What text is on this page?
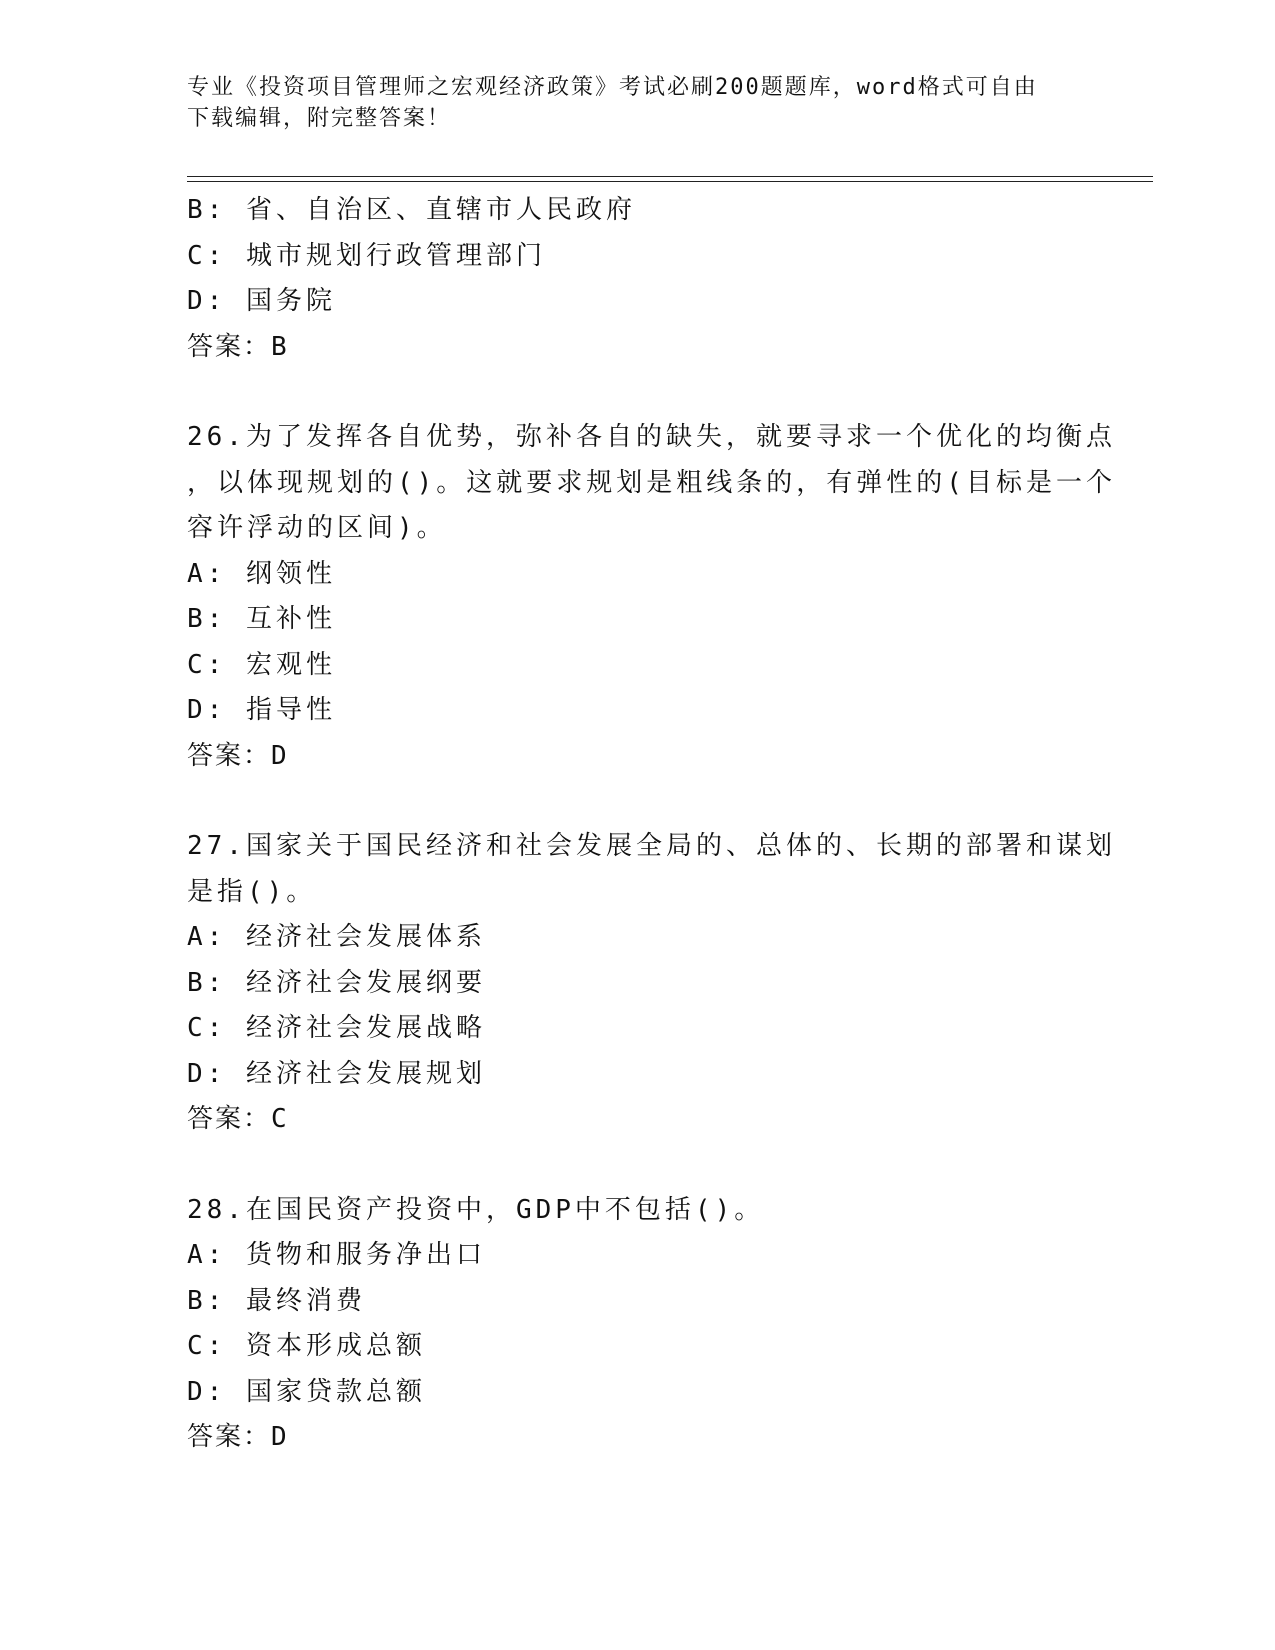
专业《投资项目管理师之宏观经济政策》考试必刷200题题库，word格式可自由
下载编辑，附完整答案！
B: 省、自治区、直辖市人民政府
C: 城市规划行政管理部门
D: 国务院
答案：B
26.为了发挥各自优势，弥补各自的缺失，就要寻求一个优化的均衡点
，以体现规划的()。这就要求规划是粗线条的，有弹性的(目标是一个
容许浮动的区间)。
A: 纲领性
B: 互补性
C: 宏观性
D: 指导性
答案：D
27.国家关于国民经济和社会发展全局的、总体的、长期的部署和谋划
是指()。
A: 经济社会发展体系
B: 经济社会发展纲要
C: 经济社会发展战略
D: 经济社会发展规划
答案：C
28.在国民资产投资中，GDP中不包括()。
A: 货物和服务净出口
B: 最终消费
C: 资本形成总额
D: 国家贷款总额
答案：D
